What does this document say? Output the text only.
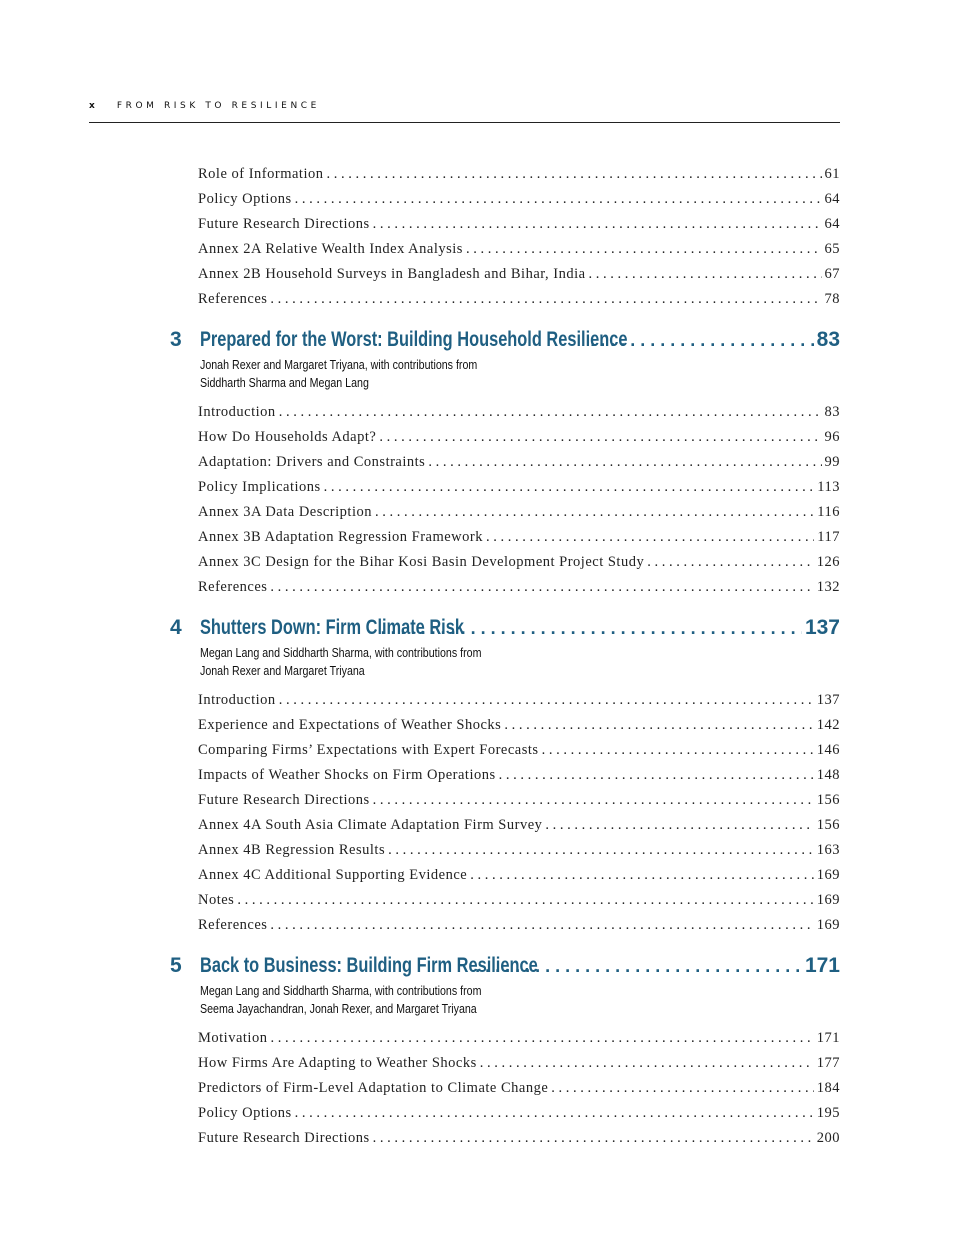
x FROM RISK TO RESILIENCE
Role of Information . . .	61
Policy Options . . .	64
Future Research Directions . . .	64
Annex 2A Relative Wealth Index Analysis . . .	65
Annex 2B Household Surveys in Bangladesh and Bihar, India . . .	67
References . . .	78
3 Prepared for the Worst: Building Household Resilience . . .	83
Jonah Rexer and Margaret Triyana, with contributions from
Siddharth Sharma and Megan Lang
Introduction . . .	83
How Do Households Adapt? . . .	96
Adaptation: Drivers and Constraints . . .	99
Policy Implications . . .	113
Annex 3A Data Description . . .	116
Annex 3B Adaptation Regression Framework . . .	117
Annex 3C Design for the Bihar Kosi Basin Development Project Study . . .	126
References . . .	132
4 Shutters Down: Firm Climate Risk . . .	137
Megan Lang and Siddharth Sharma, with contributions from
Jonah Rexer and Margaret Triyana
Introduction . . .	137
Experience and Expectations of Weather Shocks . . .	142
Comparing Firms’ Expectations with Expert Forecasts . . .	146
Impacts of Weather Shocks on Firm Operations . . .	148
Future Research Directions . . .	156
Annex 4A South Asia Climate Adaptation Firm Survey . . .	156
Annex 4B Regression Results . . .	163
Annex 4C Additional Supporting Evidence . . .	169
Notes . . .	169
References . . .	169
5 Back to Business: Building Firm Resilience . . .	171
Megan Lang and Siddharth Sharma, with contributions from
Seema Jayachandran, Jonah Rexer, and Margaret Triyana
Motivation . . .	171
How Firms Are Adapting to Weather Shocks . . .	177
Predictors of Firm-Level Adaptation to Climate Change . . .	184
Policy Options . . .	195
Future Research Directions . . .	200
